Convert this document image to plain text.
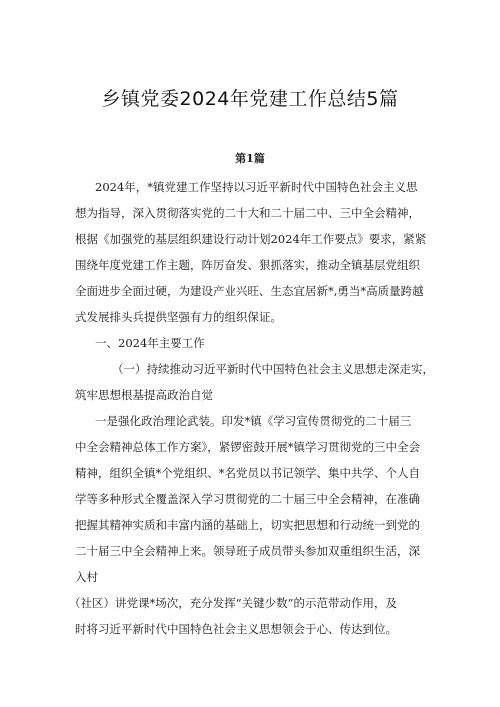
乡镇党委2024年党建工作总结5篇
第1篇
2024年，*镇党建工作坚持以习近平新时代中国特色社会主义思
想为指导，深入贯彻落实党的二十大和二十届二中、三中全会精神，
根据《加强党的基层组织建设行动计划2024年工作要点》要求，紧紧
围绕年度党建工作主题，阵厉奋发、狠抓落实，推动全镇基层党组织
全面进步全面过硬，为建设产业兴旺、生态宜居新*,勇当*高质量跨越
式发展排头兵提供坚强有力的组织保证。
一、2024年主要工作
（一）持续推动习近平新时代中国特色社会主义思想走深走实，
筑牢思想根基提高政治自觉
一是强化政治理论武装。印发*镇《学习宣传贯彻党的二十届三
中全会精神总体工作方案》，紧锣密鼓开展*镇学习贯彻党的三中全会
精神，组织全镇*个党组织、*名党员以书记领学、集中共学、个人自
学等多种形式全覆盖深入学习贯彻党的二十届三中全会精神，在准确
把握其精神实质和丰富内涵的基础上，切实把思想和行动统一到党的
二十届三中全会精神上来。领导班子成员带头参加双重组织生活，深
入村
（社区）讲党课*场次，充分发挥“关键少数”的示范带动作用，及
时将习近平新时代中国特色社会主义思想领会于心、传达到位。
